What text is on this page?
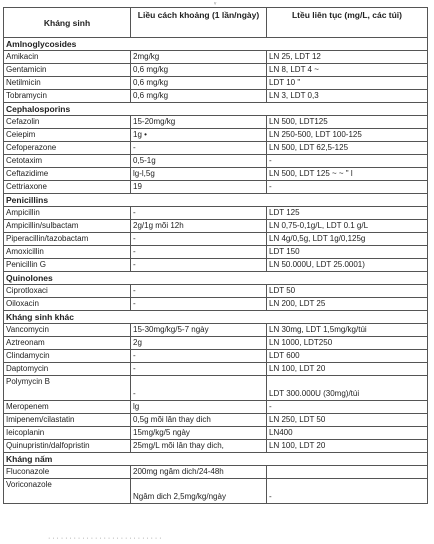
ᵥ
Kháng sinh	Liều cách khoảng (1 lần/ngày)	Ltều liên tục (mg/L, các túi)
Amlnoglycosides		
Amikacin	2mg/kg	LN 25, LDT 12
Gentamicin	0,6 mg/kg	LN 8, LDT 4 ~
Netilmicin	0,6 mg/kg	LDT 10 "
Tobramycin	0,6 mg/kg	LN 3, LDT 0,3
Cephalosporins		
Cefazolin	15-20mg/kg	LN 500, LDT125
Ceiepim	1g •	LN 250-500, LDT 100-125
Cefoperazone	-	LN 500, LDT 62,5-125
Cetotaxim	0,5-1g	-
Ceftazidime	lg-l,5g	LN 500, LDT 125 ~ ~ " l
Cettriaxone	19	-
Penicillins		
Ampicillin	-	LDT 125
Ampicillin/sulbactam	2g/1g mõi 12h	LN 0,75-0,1g/L, LDT 0.1 g/L
Piperacillin/tazobactam	-	LN 4g/0,5g, LDT 1g/0,125g
Amoxicillin	-	LDT 150
Penicillin G	-	LN 50.000U, LDT 25.0001)
Quinolones		
Ciprotloxaci	-	LDT 50
Oiloxacin	-	LN 200, LDT 25
Kháng sinh khác		
Vancomycin	15-30mg/kg/5-7 ngày	LN 30mg, LDT 1,5mg/kg/túi
Aztreonam	2g	LN 1000, LDT250
Clindamycin	-	LDT 600
Daptomycin	-	LN 100, LDT 20
Polymycin B	-	LDT 300.000U (30mg)/túi
Meropenem	lg	-
Imipenem/cilastatin	0,5g mõi lân thay dich	LN 250, LDT 50
Ieicoplanin	15mg/kg/5 ngày	LN400
Quinupristin/dalfopristin	25mg/L mõi lân thay dich,	LN 100, LDT 20
Kháng nấm		
Fluconazole	200mg ngâm dich/24-48h	
Voriconazole	Ngâm dich 2,5mg/kg/ngày	-
· · · · · · · · · · · · · · · · · · · · · · · · · · ·
